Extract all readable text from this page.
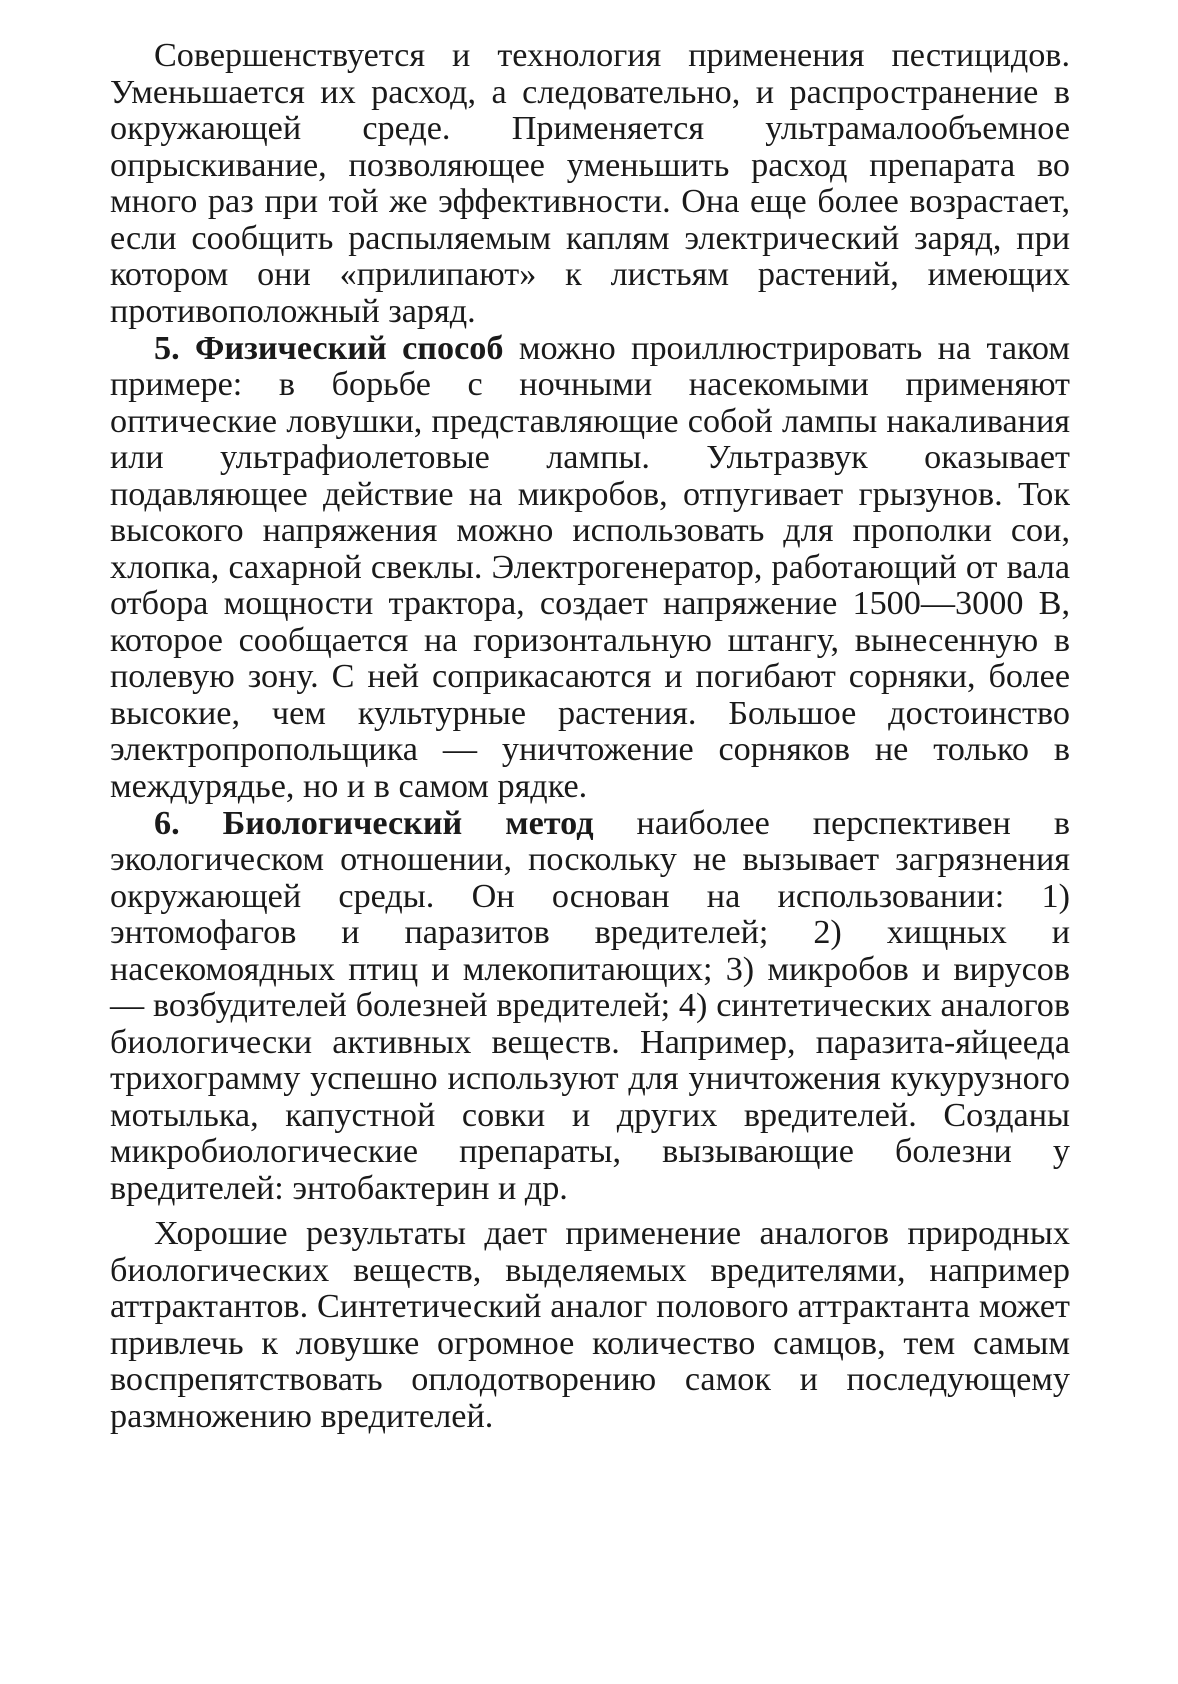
Совершенствуется и технология применения пестицидов. Уменьшается их расход, а следовательно, и распространение в окружающей среде. Применяется ультрамалообъемное опрыскивание, позволяющее уменьшить расход препарата во много раз при той же эффективности. Она еще более возрастает, если сообщить распыляемым каплям электрический заряд, при котором они «прилипают» к листьям растений, имеющих противоположный заряд.

5. Физический способ можно проиллюстрировать на таком примере: в борьбе с ночными насекомыми применяют оптические ловушки, представляющие собой лампы накаливания или ультрафиолетовые лампы. Ультразвук оказывает подавляющее действие на микробов, отпугивает грызунов. Ток высокого напряжения можно использовать для прополки сои, хлопка, сахарной свеклы. Электрогенератор, работающий от вала отбора мощности трактора, создает напряжение 1500—3000 В, которое сообщается на горизонтальную штангу, вынесенную в полевую зону. С ней соприкасаются и погибают сорняки, более высокие, чем культурные растения. Большое достоинство электропропольщика — уничтожение сорняков не только в междурядье, но и в самом рядке.

6. Биологический метод наиболее перспективен в экологическом отношении, поскольку не вызывает загрязнения окружающей среды. Он основан на использовании: 1) энтомофагов и паразитов вредителей; 2) хищных и насекомоядных птиц и млекопитающих; 3) микробов и вирусов — возбудителей болезней вредителей; 4) синтетических аналогов биологически активных веществ. Например, паразита-яйцееда трихограмму успешно используют для уничтожения кукурузного мотылька, капустной совки и других вредителей. Созданы микробиологические препараты, вызывающие болезни у вредителей: энтобактерин и др.

Хорошие результаты дает применение аналогов природных биологических веществ, выделяемых вредителями, например аттрактантов. Синтетический аналог полового аттрактанта может привлечь к ловушке огромное количество самцов, тем самым воспрепятствовать оплодотворению самок и последующему размножению вредителей.
